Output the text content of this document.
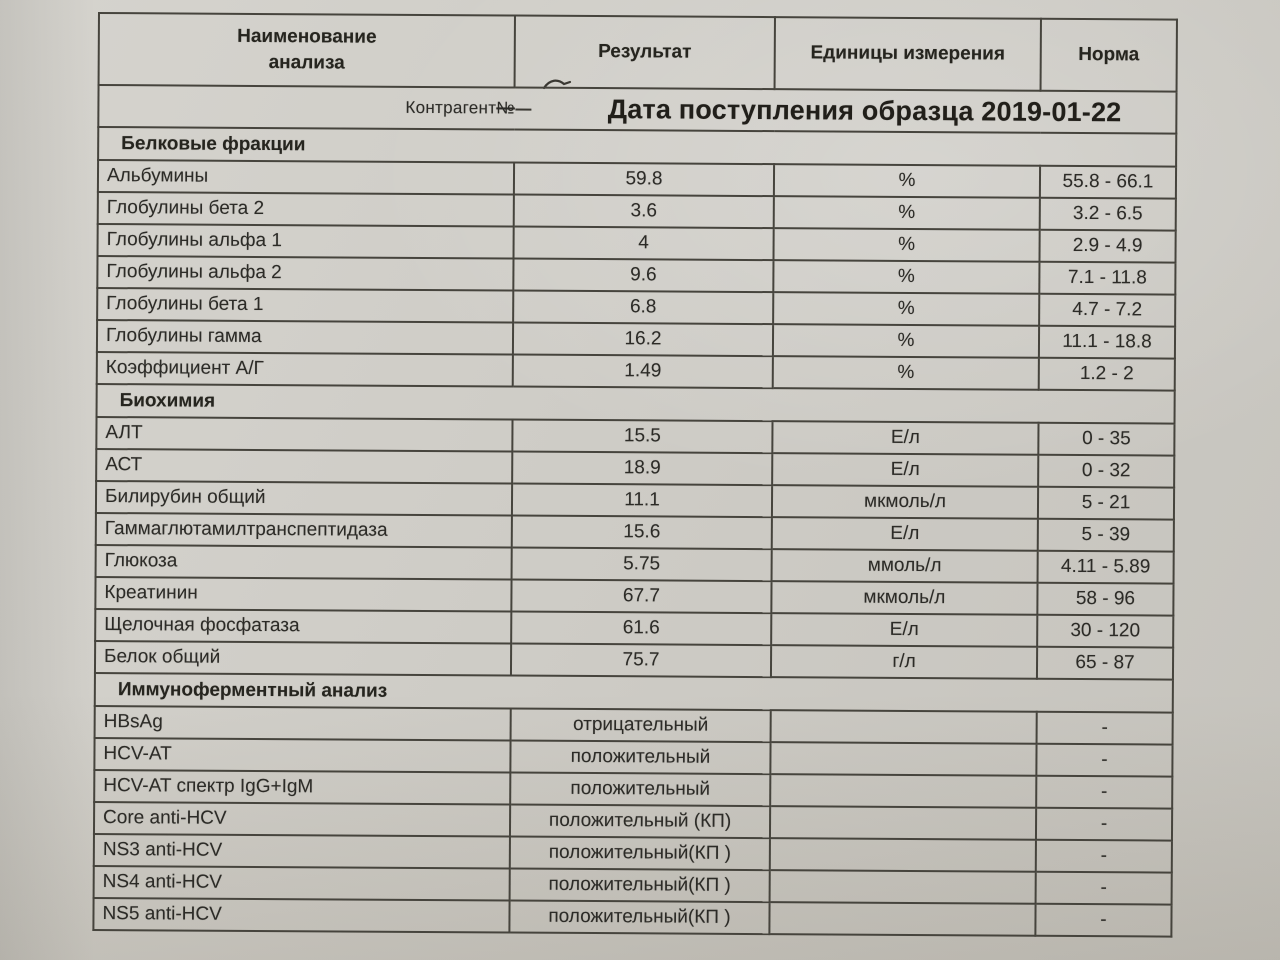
Наименование анализа	Результат	Единицы измерения	Норма

Контрагент№ Дата поступления образца 2019-01-22			

Белковые фракции			
Альбумины	59.8	%	55.8 - 66.1
Глобулины бета 2	3.6	%	3.2 - 6.5
Глобулины альфа 1	4	%	2.9 - 4.9
Глобулины альфа 2	9.6	%	7.1 - 11.8
Глобулины бета 1	6.8	%	4.7 - 7.2
Глобулины гамма	16.2	%	11.1 - 18.8
Коэффициент А/Г	1.49	%	1.2 - 2
Биохимия			
АЛТ	15.5	Е/л	0 - 35
АСТ	18.9	Е/л	0 - 32
Билирубин общий	11.1	мкмоль/л	5 - 21
Гаммаглютамилтранспептидаза	15.6	Е/л	5 - 39
Глюкоза	5.75	ммоль/л	4.11 - 5.89
Креатинин	67.7	мкмоль/л	58 - 96
Щелочная фосфатаза	61.6	Е/л	30 - 120
Белок общий	75.7	г/л	65 - 87
Иммуноферментный анализ			
HBsAg	отрицательный		-
HCV-AT	положительный		-
HCV-AT спектр IgG+IgM	положительный		-
Core anti-HCV	положительный (КП)		-
NS3 anti-HCV	положительный(КП )		-
NS4 anti-HCV	положительный(КП )		-
NS5 anti-HCV	положительный(КП )		-
